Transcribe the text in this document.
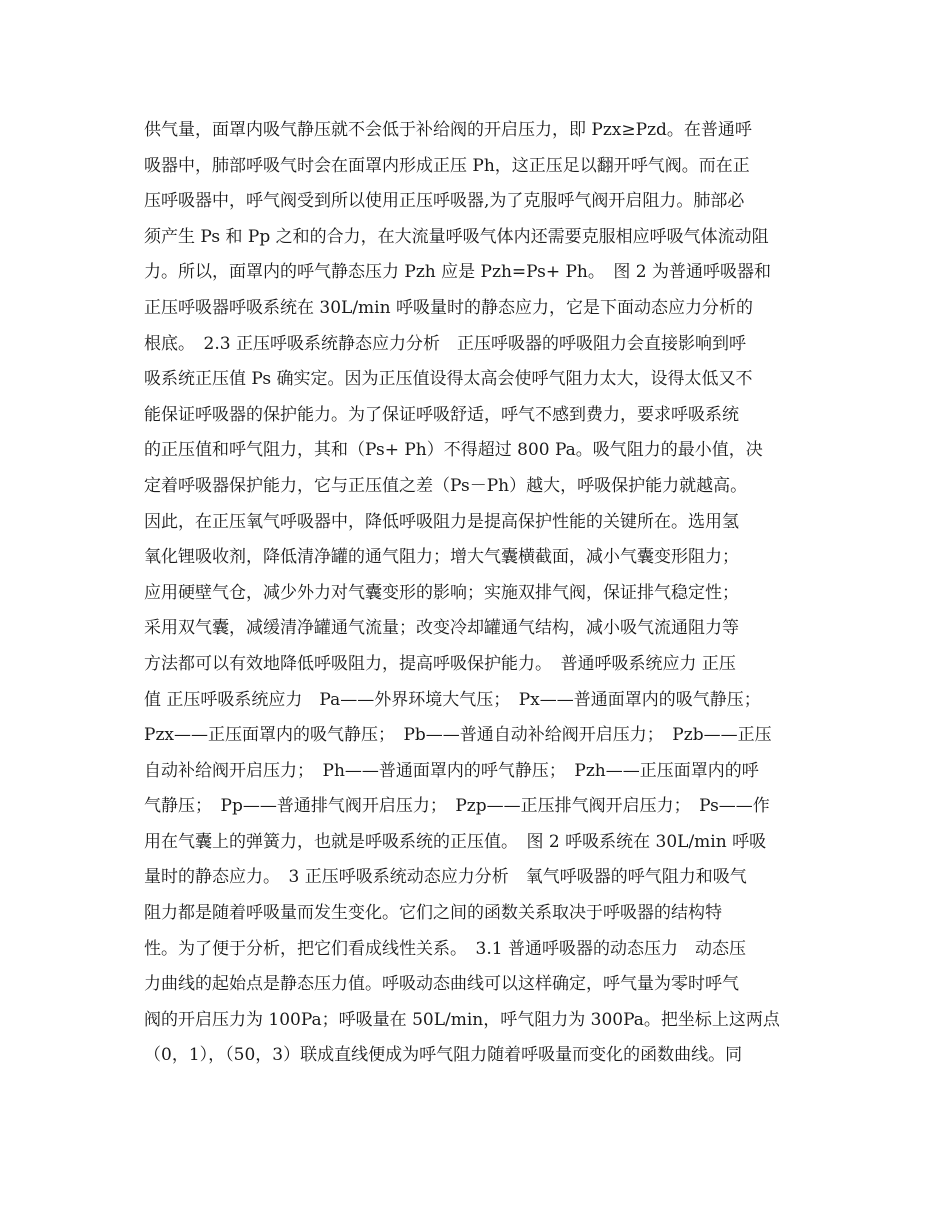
供气量，面罩内吸气静压就不会低于补给阀的开启压力，即 Pzx≥Pzd。在普通呼
吸器中，肺部呼吸气时会在面罩内形成正压 Ph，这正压足以翻开呼气阀。而在正
压呼吸器中，呼气阀受到所以使用正压呼吸器,为了克服呼气阀开启阻力。肺部必
须产生 Ps 和 Pp 之和的合力，在大流量呼吸气体内还需要克服相应呼吸气体流动阻
力。所以，面罩内的呼气静态压力 Pzh 应是 Pzh=Ps+ Ph。　图 2 为普通呼吸器和
正压呼吸器呼吸系统在 30L/min 呼吸量时的静态应力，它是下面动态应力分析的
根底。　2.3 正压呼吸系统静态应力分析　正压呼吸器的呼吸阻力会直接影响到呼
吸系统正压值 Ps 确实定。因为正压值设得太高会使呼气阻力太大，设得太低又不
能保证呼吸器的保护能力。为了保证呼吸舒适，呼气不感到费力，要求呼吸系统
的正压值和呼气阻力，其和（Ps+ Ph）不得超过 800 Pa。吸气阻力的最小值，决
定着呼吸器保护能力，它与正压值之差（Ps－Ph）越大，呼吸保护能力就越高。
因此，在正压氧气呼吸器中，降低呼吸阻力是提高保护性能的关键所在。选用氢
氧化锂吸收剂，降低清净罐的通气阻力；增大气囊横截面，减小气囊变形阻力；
应用硬壁气仓，减少外力对气囊变形的影响；实施双排气阀，保证排气稳定性；
采用双气囊，减缓清净罐通气流量；改变冷却罐通气结构，减小吸气流通阻力等
方法都可以有效地降低呼吸阻力，提高呼吸保护能力。　普通呼吸系统应力 正压
值 正压呼吸系统应力　Pa——外界环境大气压；　Px——普通面罩内的吸气静压；
Pzx——正压面罩内的吸气静压；　Pb——普通自动补给阀开启压力；　Pzb——正压
自动补给阀开启压力；　Ph——普通面罩内的呼气静压；　Pzh——正压面罩内的呼
气静压；　Pp——普通排气阀开启压力；　Pzp——正压排气阀开启压力；　Ps——作
用在气囊上的弹簧力，也就是呼吸系统的正压值。　图 2 呼吸系统在 30L/min 呼吸
量时的静态应力。　3 正压呼吸系统动态应力分析　氧气呼吸器的呼气阻力和吸气
阻力都是随着呼吸量而发生变化。它们之间的函数关系取决于呼吸器的结构特
性。为了便于分析，把它们看成线性关系。　3.1 普通呼吸器的动态压力　动态压
力曲线的起始点是静态压力值。呼吸动态曲线可以这样确定，呼气量为零时呼气
阀的开启压力为 100Pa；呼吸量在 50L/min，呼气阻力为 300Pa。把坐标上这两点
（0，1），（50，3）联成直线便成为呼气阻力随着呼吸量而变化的函数曲线。同
